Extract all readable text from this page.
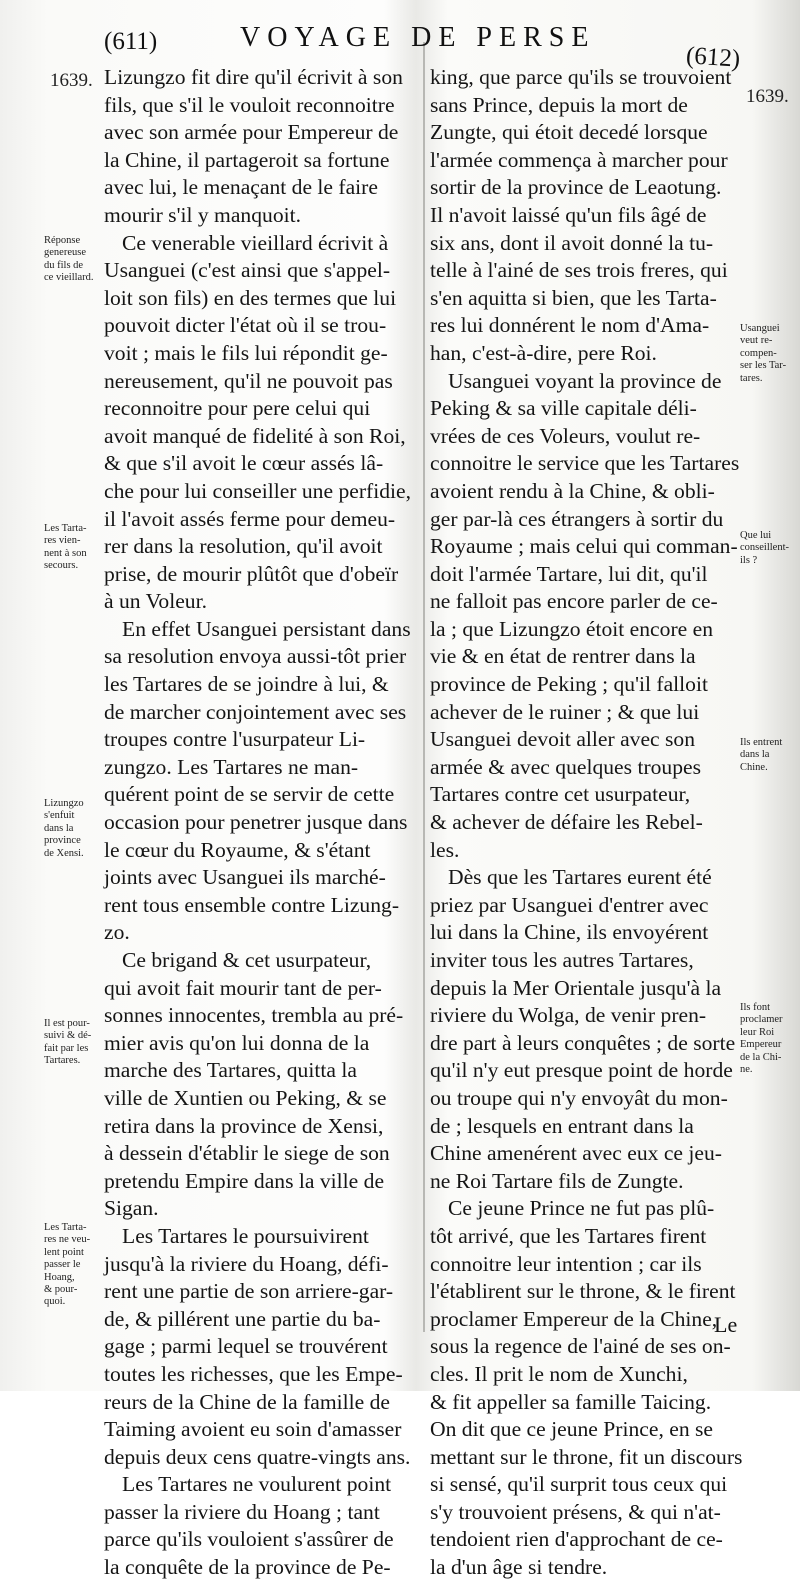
(611)	VOYAGE DE PERSE
(612)
1639.
1639.
Lizungzo fit dire qu'il écrivit à son
fils, que s'il le vouloit reconnoitre
avec son armée pour Empereur de
la Chine, il partageroit sa fortune
avec lui, le menaçant de le faire
mourir s'il y manquoit.
Ce venerable vieillard écrivit à
Usanguei (c'est ainsi que s'appel-
loit son fils) en des termes que lui
pouvoit dicter l'état où il se trou-
voit ; mais le fils lui répondit ge-
nereusement, qu'il ne pouvoit pas
reconnoitre pour pere celui qui
avoit manqué de fidelité à son Roi,
& que s'il avoit le cœur assés lâ-
che pour lui conseiller une perfidie,
il l'avoit assés ferme pour demeu-
rer dans la resolution, qu'il avoit
prise, de mourir plûtôt que d'obeïr
à un Voleur.
En effet Usanguei persistant dans
sa resolution envoya aussi-tôt prier
les Tartares de se joindre à lui, &
de marcher conjointement avec ses
troupes contre l'usurpateur Li-
zungzo. Les Tartares ne man-
quérent point de se servir de cette
occasion pour penetrer jusque dans
le cœur du Royaume, & s'étant
joints avec Usanguei ils marché-
rent tous ensemble contre Lizung-
zo.
Ce brigand & cet usurpateur,
qui avoit fait mourir tant de per-
sonnes innocentes, trembla au pré-
mier avis qu'on lui donna de la
marche des Tartares, quitta la
ville de Xuntien ou Peking, & se
retira dans la province de Xensi,
à dessein d'établir le siege de son
pretendu Empire dans la ville de
Sigan.
Les Tartares le poursuivirent
jusqu'à la riviere du Hoang, défi-
rent une partie de son arriere-gar-
de, & pillérent une partie du ba-
gage ; parmi lequel se trouvérent
toutes les richesses, que les Empe-
reurs de la Chine de la famille de
Taiming avoient eu soin d'amasser
depuis deux cens quatre-vingts ans.
Les Tartares ne voulurent point
passer la riviere du Hoang ; tant
parce qu'ils vouloient s'assûrer de
la conquête de la province de Pe-
king, que parce qu'ils se trouvoient
sans Prince, depuis la mort de
Zungte, qui étoit decedé lorsque
l'armée commença à marcher pour
sortir de la province de Leaotung.
Il n'avoit laissé qu'un fils âgé de
six ans, dont il avoit donné la tu-
telle à l'ainé de ses trois freres, qui
s'en aquitta si bien, que les Tarta-
res lui donnérent le nom d'Ama-
han, c'est-à-dire, pere Roi.
Usanguei voyant la province de
Peking & sa ville capitale déli-
vrées de ces Voleurs, voulut re-
connoitre le service que les Tartares
avoient rendu à la Chine, & obli-
ger par-là ces étrangers à sortir du
Royaume ; mais celui qui comman-
doit l'armée Tartare, lui dit, qu'il
ne falloit pas encore parler de ce-
la ; que Lizungzo étoit encore en
vie & en état de rentrer dans la
province de Peking ; qu'il falloit
achever de le ruiner ; & que lui
Usanguei devoit aller avec son
armée & avec quelques troupes
Tartares contre cet usurpateur,
& achever de défaire les Rebel-
les.
Dès que les Tartares eurent été
priez par Usanguei d'entrer avec
lui dans la Chine, ils envoyérent
inviter tous les autres Tartares,
depuis la Mer Orientale jusqu'à la
riviere du Wolga, de venir pren-
dre part à leurs conquêtes ; de sorte
qu'il n'y eut presque point de horde
ou troupe qui n'y envoyât du mon-
de ; lesquels en entrant dans la
Chine amenérent avec eux ce jeu-
ne Roi Tartare fils de Zungte.
Ce jeune Prince ne fut pas plû-
tôt arrivé, que les Tartares firent
connoitre leur intention ; car ils
l'établirent sur le throne, & le firent
proclamer Empereur de la Chine,
sous la regence de l'ainé de ses on-
cles. Il prit le nom de Xunchi,
& fit appeller sa famille Taicing.
On dit que ce jeune Prince, en se
mettant sur le throne, fit un discours
si sensé, qu'il surprit tous ceux qui
s'y trouvoient présens, & qui n'at-
tendoient rien d'approchant de ce-
la d'un âge si tendre.
Réponse
genereuse
du fils de
ce vieillard.
Les Tarta-
res vien-
nent à son
secours.
Lizungzo
s'enfuit
dans la
province
de Xensi.
Il est pour-
suivi & dé-
fait par les
Tartares.
Les Tarta-
res ne veu-
lent point
passer le
Hoang,
& pour-
quoi.
Usanguei
veut re-
compen-
ser les Tar-
tares.
Que lui
conseillent-
ils ?
Ils entrent
dans la
Chine.
Ils font
proclamer
leur Roi
Empereur
de la Chi-
ne.
Le
